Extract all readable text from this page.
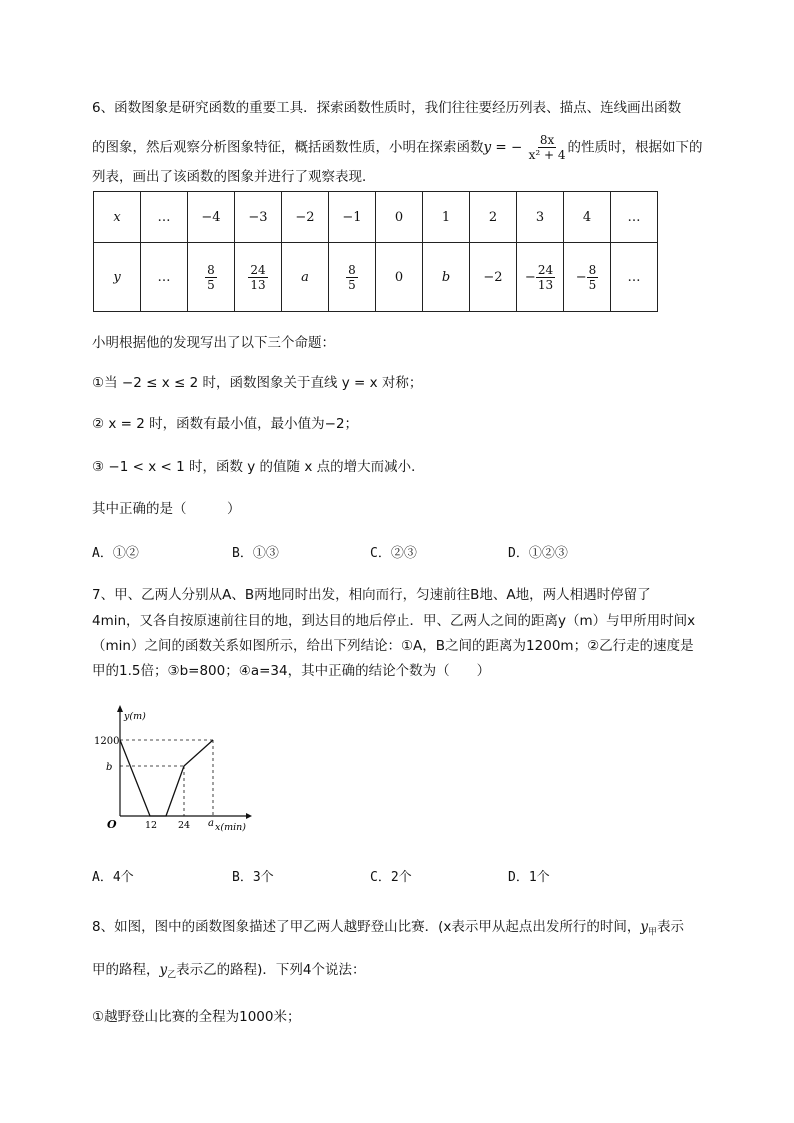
6、函数图象是研究函数的重要工具．探索函数性质时，我们往往要经历列表、描点、连线画出函数
的图象，然后观察分析图象特征，概括函数性质，小明在探索函数y = − $\frac{8x}{\text{x² + 4}}$ 的性质时，根据如下的
列表，画出了该函数的图象并进行了观察表现．
x	…	−4	−3	−2	−1	0	1	2	3	4	…
y	…	$\frac{8}{5}$	$\frac{24}{13}$	a	$\frac{8}{5}$	0	b	−2	− $\frac{24}{13}$	− $\frac{8}{5}$	…
小明根据他的发现写出了以下三个命题：
①当 −2 ≤ x ≤ 2 时，函数图象关于直线 y = x 对称；
② x = 2 时，函数有最小值，最小值为−2；
③ −1 < x < 1 时，函数 y 的值随 x 点的增大而减小．
其中正确的是（　　　）
A．①②	B．①③	C．②③	D．①②③
7、甲、乙两人分别从A、B两地同时出发，相向而行，匀速前往B地、A地，两人相遇时停留了
4min，又各自按原速前往目的地，到达目的地后停止．甲、乙两人之间的距离y（m）与甲所用时间x
（min）之间的函数关系如图所示，给出下列结论：①A，B之间的距离为1200m；②乙行走的速度是
甲的1.5倍；③b=800；④a=34，其中正确的结论个数为（　　）
y(m)
1200
b
O	12 24 a x(min)
A．4个	B．3个	C．2个	D．1个
8、如图，图中的函数图象描述了甲乙两人越野登山比赛．(x表示甲从起点出发所行的时间，$y_甲$表示
甲的路程，$y_乙$表示乙的路程)．下列4个说法：
①越野登山比赛的全程为1000米；
